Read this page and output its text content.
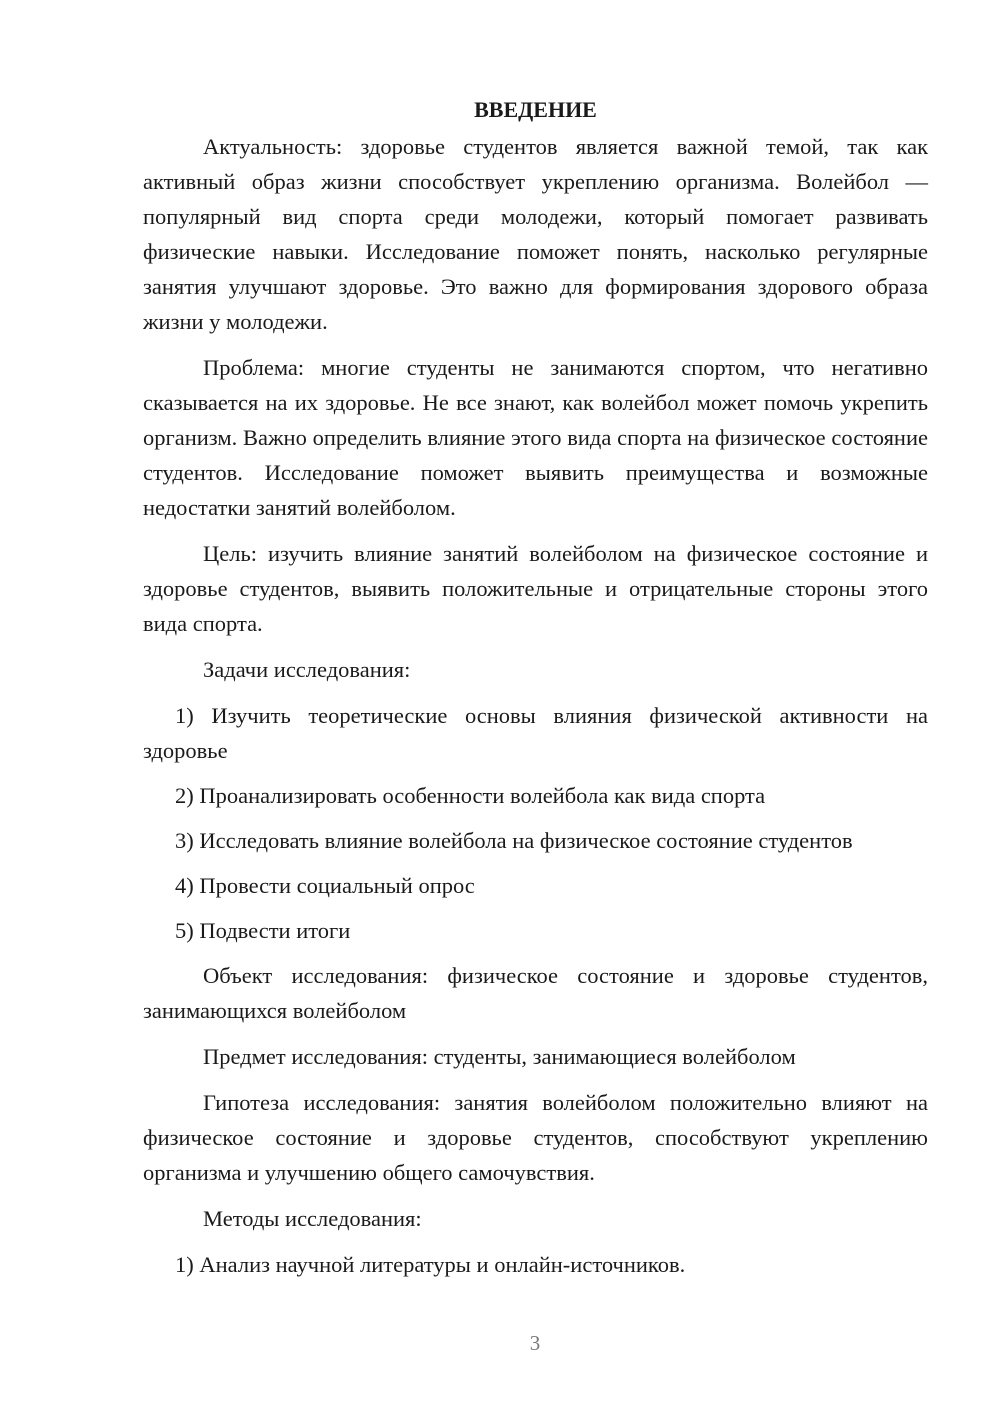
ВВЕДЕНИЕ

Актуальность: здоровье студентов является важной темой, так как активный образ жизни способствует укреплению организма. Волейбол — популярный вид спорта среди молодежи, который помогает развивать физические навыки. Исследование поможет понять, насколько регулярные занятия улучшают здоровье. Это важно для формирования здорового образа жизни у молодежи.

Проблема: многие студенты не занимаются спортом, что негативно сказывается на их здоровье. Не все знают, как волейбол может помочь укрепить организм. Важно определить влияние этого вида спорта на физическое состояние студентов. Исследование поможет выявить преимущества и возможные недостатки занятий волейболом.

Цель: изучить влияние занятий волейболом на физическое состояние и здоровье студентов, выявить положительные и отрицательные стороны этого вида спорта.

Задачи исследования:

1) Изучить теоретические основы влияния физической активности на здоровье

2) Проанализировать особенности волейбола как вида спорта

3) Исследовать влияние волейбола на физическое состояние студентов

4) Провести социальный опрос

5) Подвести итоги

Объект исследования: физическое состояние и здоровье студентов, занимающихся волейболом

Предмет исследования: студенты, занимающиеся волейболом

Гипотеза исследования: занятия волейболом положительно влияют на физическое состояние и здоровье студентов, способствуют укреплению организма и улучшению общего самочувствия.

Методы исследования:

1) Анализ научной литературы и онлайн-источников.

3
